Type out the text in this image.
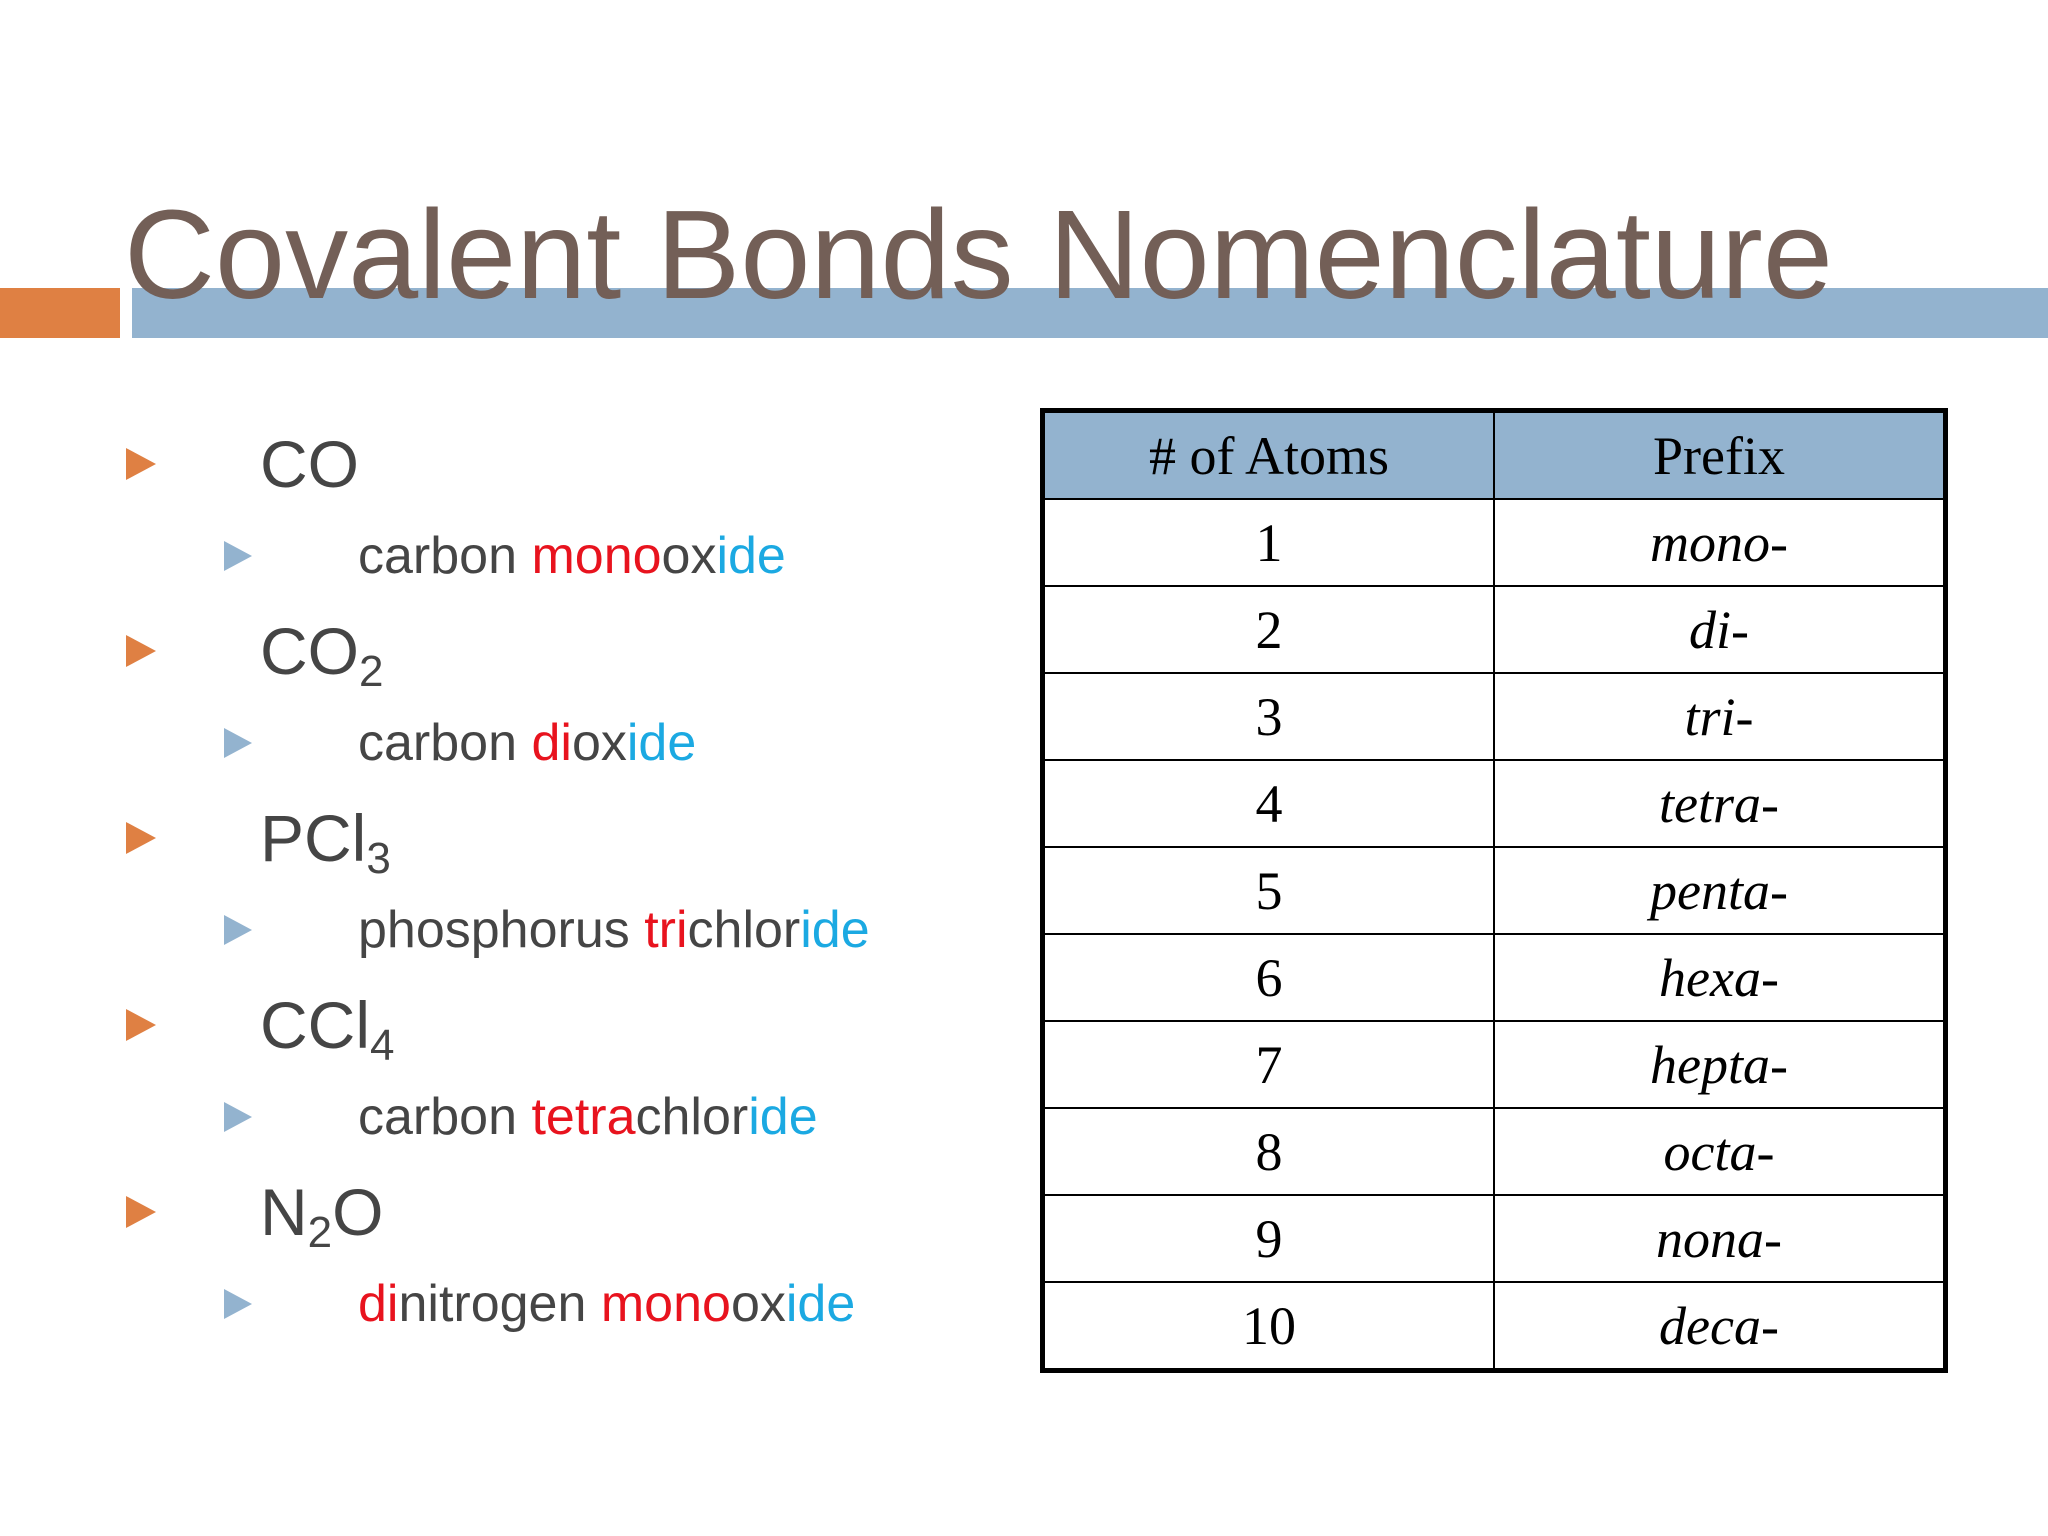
Covalent Bonds Nomenclature
CO
carbon monooxide
$CO_2$
carbon dioxide
PCl$_3$
phosphorus trichloride
CCl$_4$
carbon tetrachloride
$N_2O$
dinitrogen monooxide
# of Atoms	Prefix
1	mono-
2	di-
3	tri-
4	tetra-
5	penta-
6	hexa-
7	hepta-
8	octa-
9	nona-
10	deca-
